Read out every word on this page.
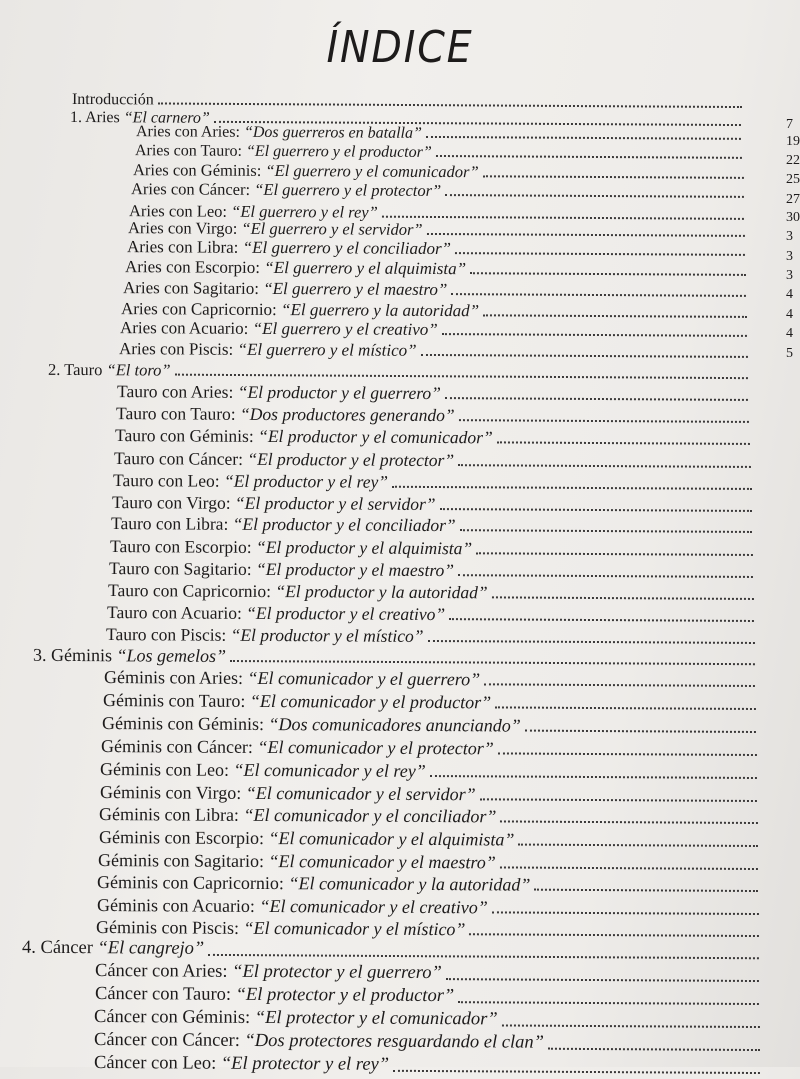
ÍNDICE
Introducción
1. Aries “El carnero”
Aries con Aries: “Dos guerreros en batalla”
Aries con Tauro: “El guerrero y el productor”
Aries con Géminis: “El guerrero y el comunicador”
Aries con Cáncer: “El guerrero y el protector”
Aries con Leo: “El guerrero y el rey”
Aries con Virgo: “El guerrero y el servidor”
Aries con Libra: “El guerrero y el conciliador”
Aries con Escorpio: “El guerrero y el alquimista”
Aries con Sagitario: “El guerrero y el maestro”
Aries con Capricornio: “El guerrero y la autoridad”
Aries con Acuario: “El guerrero y el creativo”
Aries con Piscis: “El guerrero y el místico”
2. Tauro “El toro”
Tauro con Aries: “El productor y el guerrero”
Tauro con Tauro: “Dos productores generando”
Tauro con Géminis: “El productor y el comunicador”
Tauro con Cáncer: “El productor y el protector”
Tauro con Leo: “El productor y el rey”
Tauro con Virgo: “El productor y el servidor”
Tauro con Libra: “El productor y el conciliador”
Tauro con Escorpio: “El productor y el alquimista”
Tauro con Sagitario: “El productor y el maestro”
Tauro con Capricornio: “El productor y la autoridad”
Tauro con Acuario: “El productor y el creativo”
Tauro con Piscis: “El productor y el místico”
3. Géminis “Los gemelos”
Géminis con Aries: “El comunicador y el guerrero”
Géminis con Tauro: “El comunicador y el productor”
Géminis con Géminis: “Dos comunicadores anunciando”
Géminis con Cáncer: “El comunicador y el protector”
Géminis con Leo: “El comunicador y el rey”
Géminis con Virgo: “El comunicador y el servidor”
Géminis con Libra: “El comunicador y el conciliador”
Géminis con Escorpio: “El comunicador y el alquimista”
Géminis con Sagitario: “El comunicador y el maestro”
Géminis con Capricornio: “El comunicador y la autoridad”
Géminis con Acuario: “El comunicador y el creativo”
Géminis con Piscis: “El comunicador y el místico”
4. Cáncer “El cangrejo”
Cáncer con Aries: “El protector y el guerrero”
Cáncer con Tauro: “El protector y el productor”
Cáncer con Géminis: “El protector y el comunicador”
Cáncer con Cáncer: “Dos protectores resguardando el clan”
Cáncer con Leo: “El protector y el rey”
7
19
22
25
27
30
3
3
3
4
4
4
5
